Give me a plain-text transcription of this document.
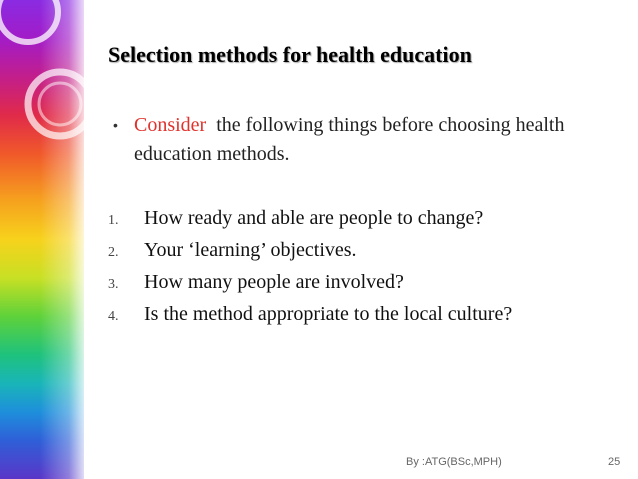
Selection methods for health education
• Consider  the following things before choosing health education methods.
1. How ready and able are people to change?
2. Your ‘learning’ objectives.
3. How many people are involved?
4. Is the method appropriate to the local culture?
By :ATG(BSc,MPH)	25
